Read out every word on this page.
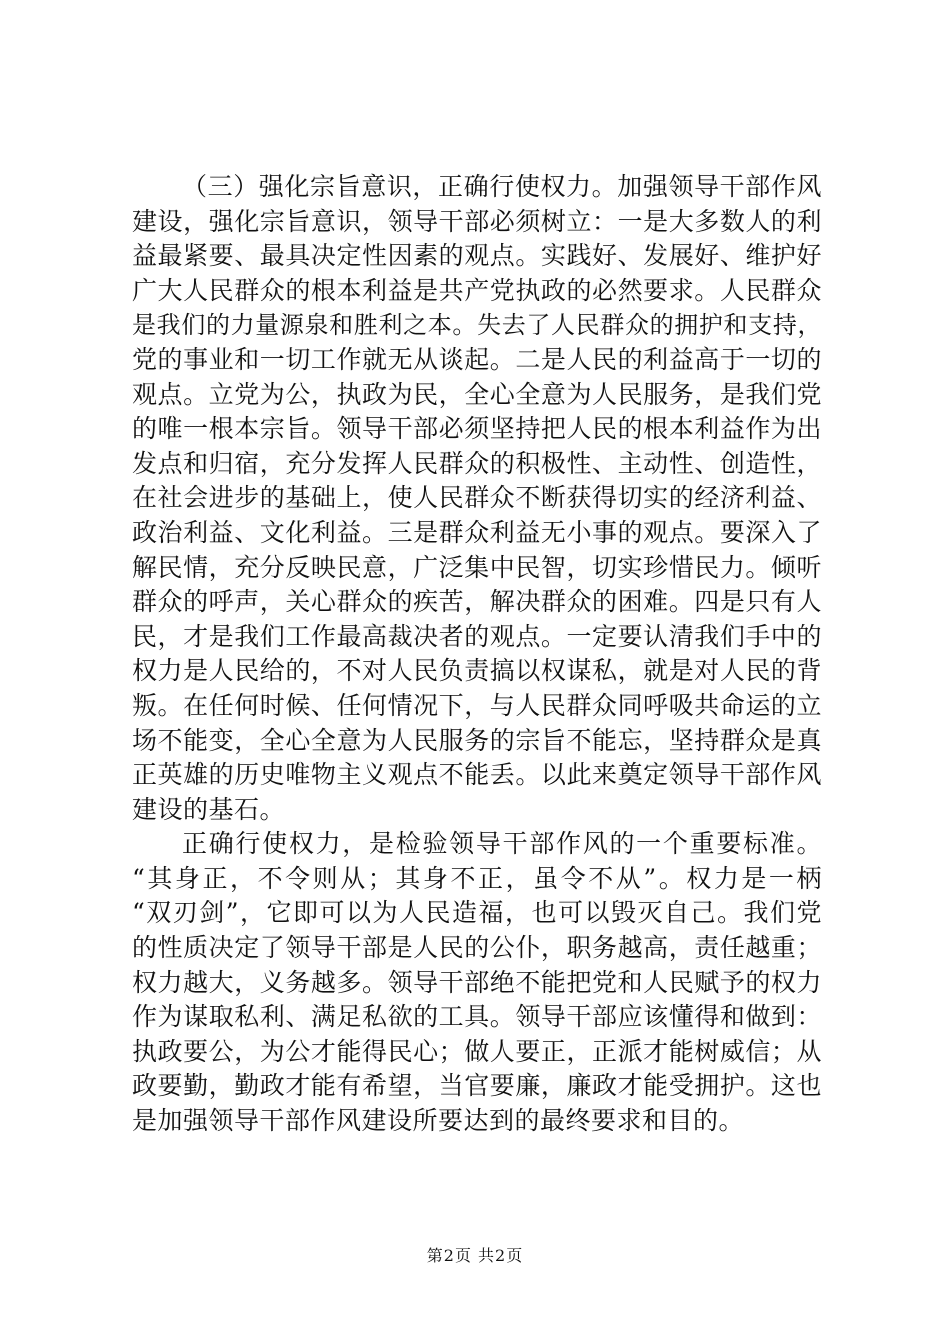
（三）强化宗旨意识，正确行使权力。加强领导干部作风
建设，强化宗旨意识，领导干部必须树立：一是大多数人的利
益最紧要、最具决定性因素的观点。实践好、发展好、维护好
广大人民群众的根本利益是共产党执政的必然要求。人民群众
是我们的力量源泉和胜利之本。失去了人民群众的拥护和支持，
党的事业和一切工作就无从谈起。二是人民的利益高于一切的
观点。立党为公，执政为民，全心全意为人民服务，是我们党
的唯一根本宗旨。领导干部必须坚持把人民的根本利益作为出
发点和归宿，充分发挥人民群众的积极性、主动性、创造性，
在社会进步的基础上，使人民群众不断获得切实的经济利益、
政治利益、文化利益。三是群众利益无小事的观点。要深入了
解民情，充分反映民意，广泛集中民智，切实珍惜民力。倾听
群众的呼声，关心群众的疾苦，解决群众的困难。四是只有人
民，才是我们工作最高裁决者的观点。一定要认清我们手中的
权力是人民给的，不对人民负责搞以权谋私，就是对人民的背
叛。在任何时候、任何情况下，与人民群众同呼吸共命运的立
场不能变，全心全意为人民服务的宗旨不能忘，坚持群众是真
正英雄的历史唯物主义观点不能丢。以此来奠定领导干部作风
建设的基石。
正确行使权力，是检验领导干部作风的一个重要标准。
“其身正，不令则从；其身不正，虽令不从”。权力是一柄
“双刃剑”，它即可以为人民造福，也可以毁灭自己。我们党
的性质决定了领导干部是人民的公仆，职务越高，责任越重；
权力越大，义务越多。领导干部绝不能把党和人民赋予的权力
作为谋取私利、满足私欲的工具。领导干部应该懂得和做到：
执政要公，为公才能得民心；做人要正，正派才能树威信；从
政要勤，勤政才能有希望，当官要廉，廉政才能受拥护。这也
是加强领导干部作风建设所要达到的最终要求和目的。
第2页 共2页
